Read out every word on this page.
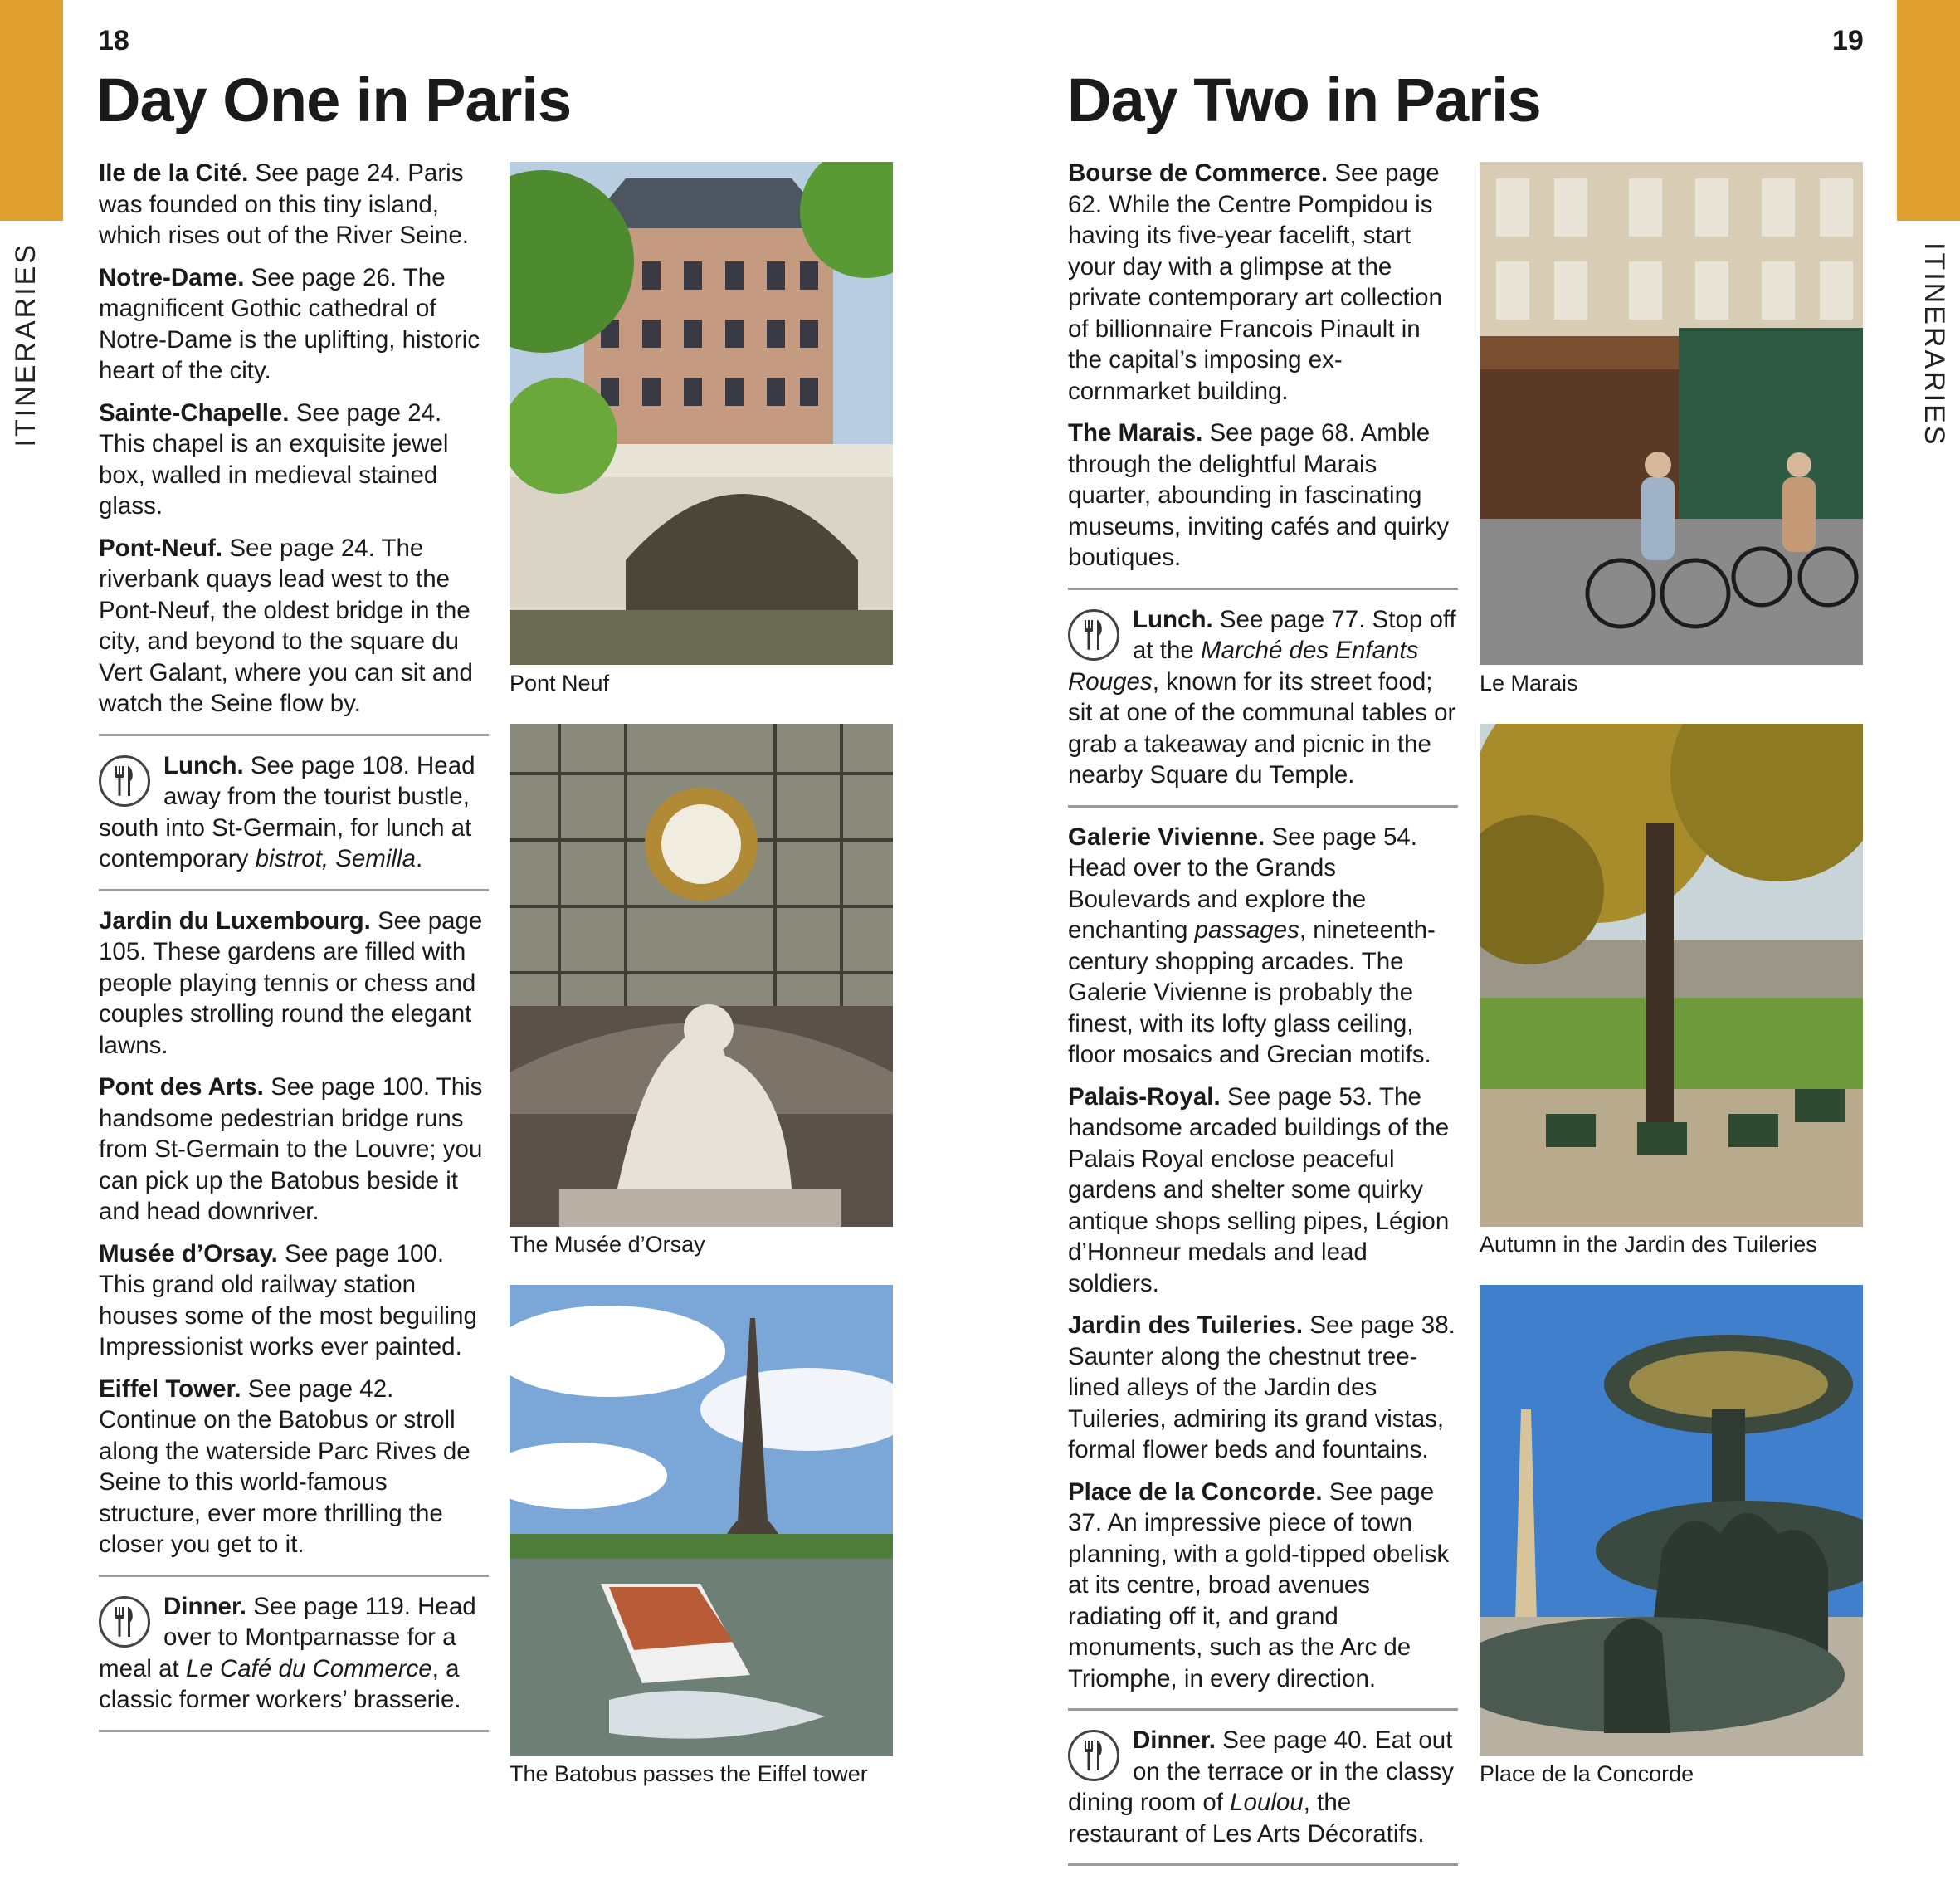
ITINERARIES	ITINERARIES
18
Day One in Paris

Ile de la Cité. See page 24. Paris was founded on this tiny island, which rises out of the River Seine.

Notre-Dame. See page 26. The magnificent Gothic cathedral of Notre-Dame is the uplifting, historic heart of the city.

Sainte-Chapelle. See page 24. This chapel is an exquisite jewel box, walled in medieval stained glass.

Pont-Neuf. See page 24. The riverbank quays lead west to the Pont-Neuf, the oldest bridge in the city, and beyond to the square du Vert Galant, where you can sit and watch the Seine flow by.

Lunch. See page 108. Head away from the tourist bustle, south into St-Germain, for lunch at contemporary bistrot, Semilla.

Jardin du Luxembourg. See page 105. These gardens are filled with people playing tennis or chess and couples strolling round the elegant lawns.

Pont des Arts. See page 100. This handsome pedestrian bridge runs from St-Germain to the Louvre; you can pick up the Batobus beside it and head downriver.

Musée d’Orsay. See page 100. This grand old railway station houses some of the most beguiling Impressionist works ever painted.

Eiffel Tower. See page 42. Continue on the Batobus or stroll along the waterside Parc Rives de Seine to this world-famous structure, ever more thrilling the closer you get to it.

Dinner. See page 119. Head over to Montparnasse for a meal at Le Café du Commerce, a classic former workers’ brasserie.

Pont Neuf
The Musée d’Orsay
The Batobus passes the Eiffel tower
19
Day Two in Paris

Bourse de Commerce. See page 62. While the Centre Pompidou is having its five-year facelift, start your day with a glimpse at the private contemporary art collection of billionnaire Francois Pinault in the capital’s imposing ex-cornmarket building.

The Marais. See page 68. Amble through the delightful Marais quarter, abounding in fascinating museums, inviting cafés and quirky boutiques.

Lunch. See page 77. Stop off at the Marché des Enfants Rouges, known for its street food; sit at one of the communal tables or grab a takeaway and picnic in the nearby Square du Temple.

Galerie Vivienne. See page 54. Head over to the Grands Boulevards and explore the enchanting passages, nineteenth-century shopping arcades. The Galerie Vivienne is probably the finest, with its lofty glass ceiling, floor mosaics and Grecian motifs.

Palais-Royal. See page 53. The handsome arcaded buildings of the Palais Royal enclose peaceful gardens and shelter some quirky antique shops selling pipes, Légion d’Honneur medals and lead soldiers.

Jardin des Tuileries. See page 38. Saunter along the chestnut tree-lined alleys of the Jardin des Tuileries, admiring its grand vistas, formal flower beds and fountains.

Place de la Concorde. See page 37. An impressive piece of town planning, with a gold-tipped obelisk at its centre, broad avenues radiating off it, and grand monuments, such as the Arc de Triomphe, in every direction.

Dinner. See page 40. Eat out on the terrace or in the classy dining room of Loulou, the restaurant of Les Arts Décoratifs.

Le Marais
Autumn in the Jardin des Tuileries
Place de la Concorde
